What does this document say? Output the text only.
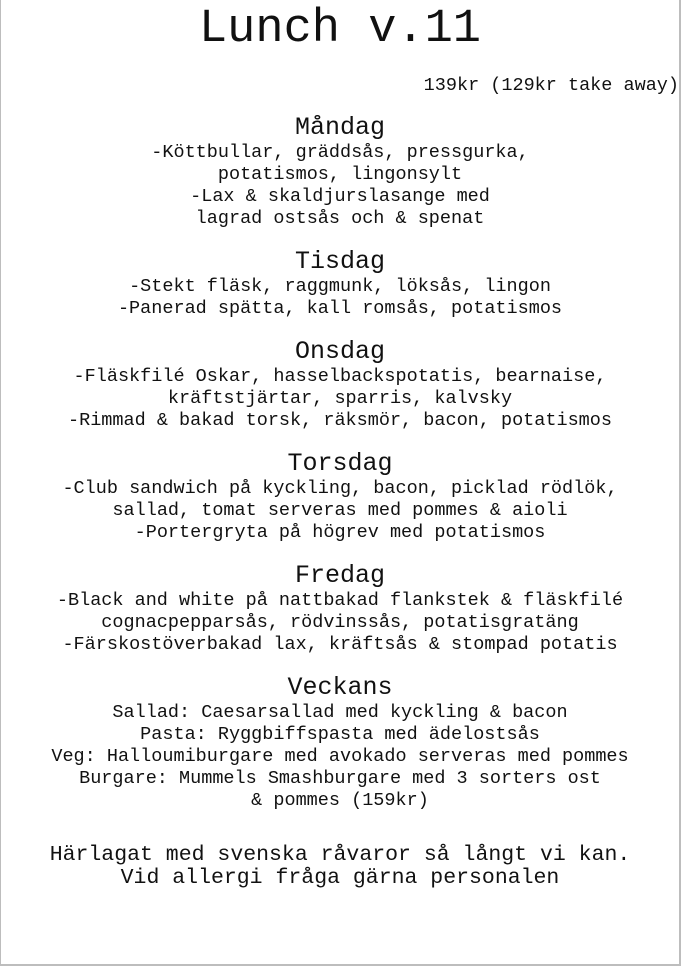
Lunch v.11
139kr (129kr take away)
Måndag
-Köttbullar, gräddsås, pressgurka,
potatismos, lingonsylt
-Lax & skaldjurslasange med
lagrad ostsås och & spenat
Tisdag
-Stekt fläsk, raggmunk, löksås, lingon
-Panerad spätta, kall romsås, potatismos
Onsdag
-Fläskfilé Oskar, hasselbackspotatis, bearnaise,
kräftstjärtar, sparris, kalvsky
-Rimmad & bakad torsk, räksmör, bacon, potatismos
Torsdag
-Club sandwich på kyckling, bacon, picklad rödlök,
sallad, tomat serveras med pommes & aioli
-Portergryta på högrev med potatismos
Fredag
-Black and white på nattbakad flankstek & fläskfilé
cognacpepparsås, rödvinssås, potatisgratäng
-Färskostöverbakad lax, kräftsås & stompad potatis
Veckans
Sallad: Caesarsallad med kyckling & bacon
Pasta: Ryggbiffspasta med ädelostsås
Veg: Halloumiburgare med avokado serveras med pommes
Burgare: Mummels Smashburgare med 3 sorters ost
& pommes (159kr)
Härlagat med svenska råvaror så långt vi kan.
Vid allergi fråga gärna personalen
